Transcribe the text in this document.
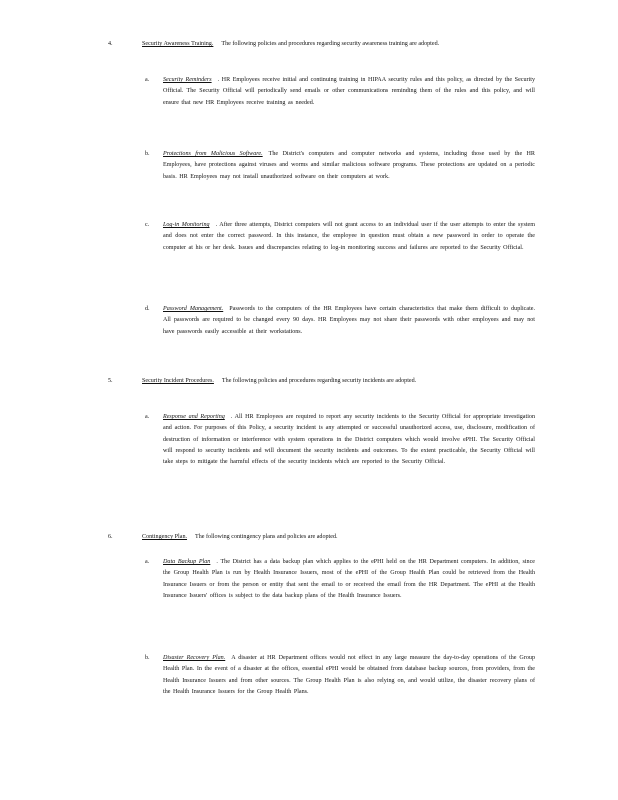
4.	Security Awareness Training. The following policies and procedures regarding security awareness training are adopted.

a. Security Reminders . HR Employees receive initial and continuing training in HIPAA security rules and this policy, as directed by the Security Official. The Security Official will periodically send emails or other communications reminding them of the rules and this policy, and will ensure that new HR Employees receive training as needed.

b. Protections from Malicious Software. The District's computers and computer networks and systems, including those used by the HR Employees, have protections against viruses and worms and similar malicious software programs. These protections are updated on a periodic basis. HR Employees may not install unauthorized software on their computers at work.

c. Log-in Monitoring . After three attempts, District computers will not grant access to an individual user if the user attempts to enter the system and does not enter the correct password. In this instance, the employee in question must obtain a new password in order to operate the computer at his or her desk. Issues and discrepancies relating to log-in monitoring success and failures are reported to the Security Official.

d. Password Management. Passwords to the computers of the HR Employees have certain characteristics that make them difficult to duplicate. All passwords are required to be changed every 90 days. HR Employees may not share their passwords with other employees and may not have passwords easily accessible at their workstations.

5.	Security Incident Procedures. The following policies and procedures regarding security incidents are adopted.

a. Response and Reporting . All HR Employees are required to report any security incidents to the Security Official for appropriate investigation and action. For purposes of this Policy, a security incident is any attempted or successful unauthorized access, use, disclosure, modification of destruction of information or interference with system operations in the District computers which would involve ePHI. The Security Official will respond to security incidents and will document the security incidents and outcomes. To the extent practicable, the Security Official will take steps to mitigate the harmful effects of the security incidents which are reported to the Security Official.

6.	Contingency Plan. The following contingency plans and policies are adopted.

a. Data Backup Plan . The District has a data backup plan which applies to the ePHI held on the HR Department computers. In addition, since the Group Health Plan is run by Health Insurance Issuers, most of the ePHI of the Group Health Plan could be retrieved from the Health Insurance Issuers or from the person or entity that sent the email to or received the email from the HR Department. The ePHI at the Health Insurance Issuers' offices is subject to the data backup plans of the Health Insurance Issuers.

b. Disaster Recovery Plan. A disaster at HR Department offices would not effect in any large measure the day-to-day operations of the Group Health Plan. In the event of a disaster at the offices, essential ePHI would be obtained from database backup sources, from providers, from the Health Insurance Issuers and from other sources. The Group Health Plan is also relying on, and would utilize, the disaster recovery plans of the Health Insurance Issuers for the Group Health Plans.
